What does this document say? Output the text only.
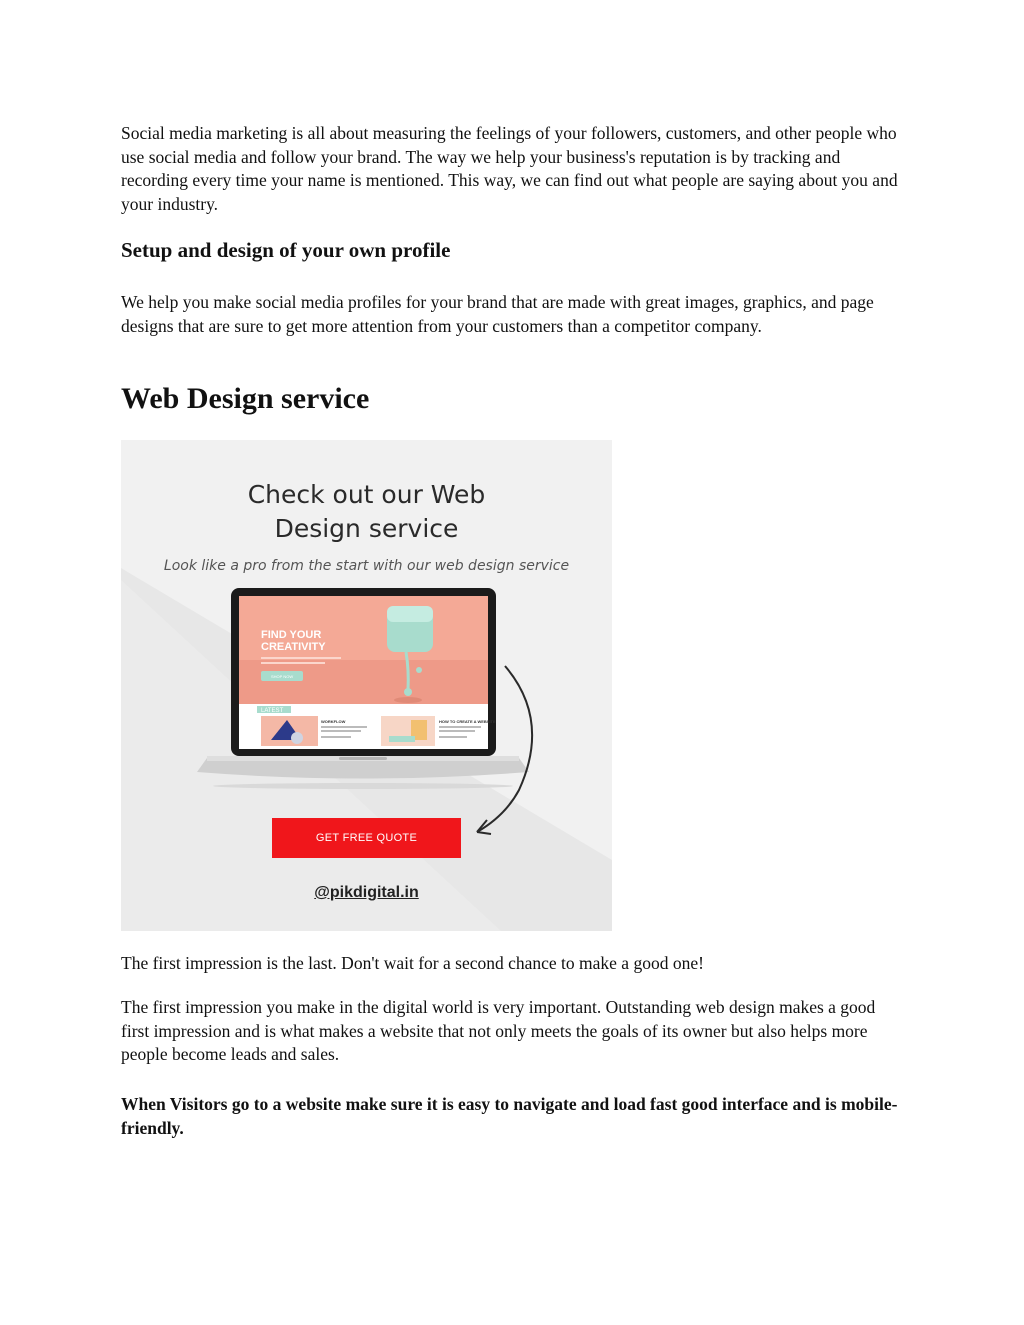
Social media marketing is all about measuring the feelings of your followers, customers, and other people who use social media and follow your brand. The way we help your business's reputation is by tracking and recording every time your name is mentioned. This way, we can find out what people are saying about you and your industry.

Setup and design of your own profile

We help you make social media profiles for your brand that are made with great images, graphics, and page designs that are sure to get more attention from your customers than a competitor company.

Web Design service
Check out our Web
Design service
Look like a pro from the start with our web design service
FIND YOUR
CREATIVITY
SHOP NOW
LATEST
WORKFLOW	HOW TO CREATE A WEBSITE
GET FREE QUOTE
@pikdigital.in

The first impression is the last. Don't wait for a second chance to make a good one!

The first impression you make in the digital world is very important. Outstanding web design makes a good first impression and is what makes a website that not only meets the goals of its owner but also helps more people become leads and sales.

When Visitors go to a website make sure it is easy to navigate and load fast good interface and is mobile-friendly.
